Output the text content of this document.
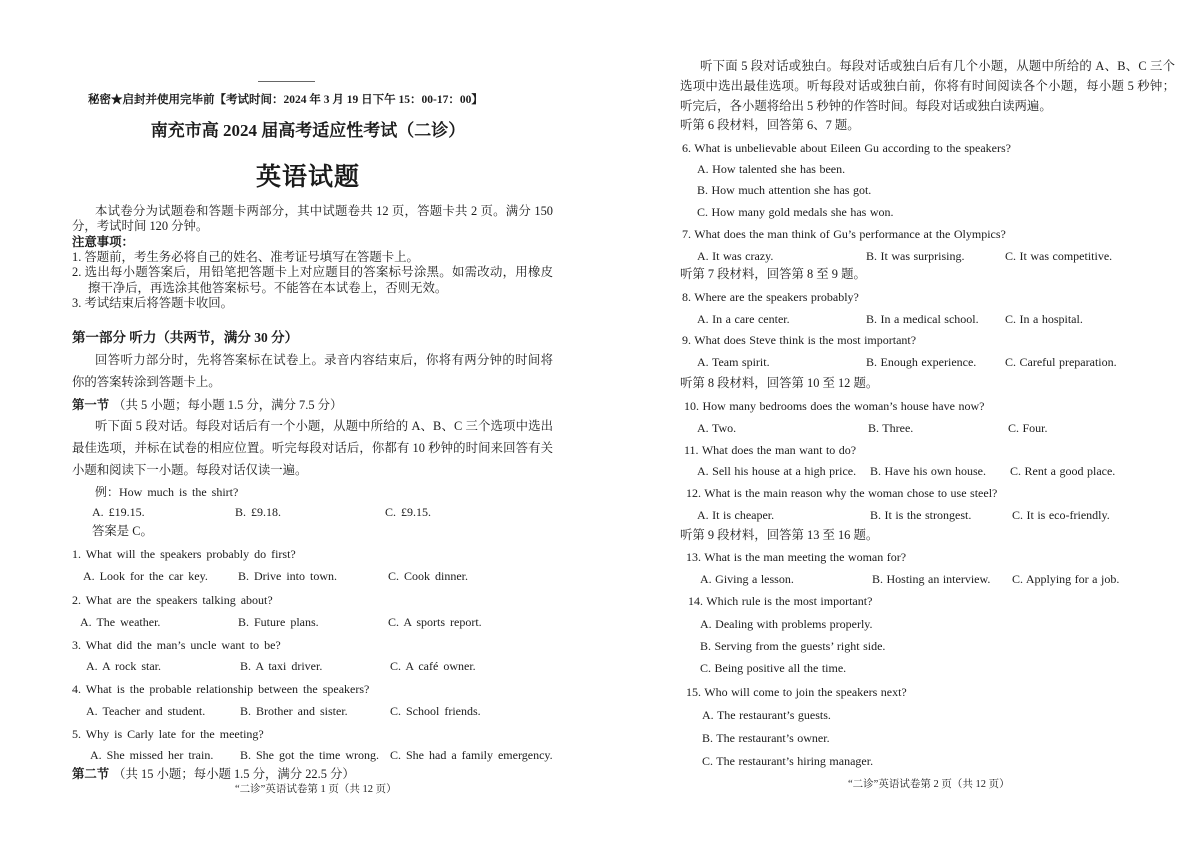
秘密★启封并使用完毕前【考试时间：2024 年 3 月 19 日下午 15：00-17：00】
南充市高 2024 届高考适应性考试（二诊）
英语试题

本试卷分为试题卷和答题卡两部分，其中试题卷共 12 页，答题卡共 2 页。满分 150 分，考试时间 120 分钟。

注意事项：

1. 答题前，考生务必将自己的姓名、准考证号填写在答题卡上。

2. 选出每小题答案后，用铅笔把答题卡上对应题目的答案标号涂黑。如需改动，用橡皮擦干净后，再选涂其他答案标号。不能答在本试卷上，否则无效。

3. 考试结束后将答题卡收回。

第一部分 听力（共两节，满分 30 分）
回答听力部分时，先将答案标在试卷上。录音内容结束后，你将有两分钟的时间将你的答案转涂到答题卡上。
第一节 （共 5 小题；每小题 1.5 分，满分 7.5 分）
听下面 5 段对话。每段对话后有一个小题，从题中所给的 A、B、C 三个选项中选出最佳选项，并标在试卷的相应位置。听完每段对话后，你都有 10 秒钟的时间来回答有关小题和阅读下一小题。每段对话仅读一遍。
例：How much is the shirt?
A. £19.15.	B. £9.18.	C. £9.15.
答案是 C。
1. What will the speakers probably do first?
A. Look for the car key.	B. Drive into town.	C. Cook dinner.
2. What are the speakers talking about?
A. The weather.	B. Future plans.	C. A sports report.
3. What did the man’s uncle want to be?
A. A rock star.	B. A taxi driver.	C. A café owner.
4. What is the probable relationship between the speakers?
A. Teacher and student.	B. Brother and sister.	C. School friends.
5. Why is Carly late for the meeting?
A. She missed her train. B. She got the time wrong. C. She had a family emergency.
第二节 （共 15 小题；每小题 1.5 分，满分 22.5 分）
“二诊”英语试卷第 1 页（共 12 页）
听下面 5 段对话或独白。每段对话或独白后有几个小题，从题中所给的 A、B、C 三个选项中选出最佳选项。听每段对话或独白前，你将有时间阅读各个小题，每小题 5 秒钟；听完后，各小题将给出 5 秒钟的作答时间。每段对话或独白读两遍。
听第 6 段材料，回答第 6、7 题。
6. What is unbelievable about Eileen Gu according to the speakers?
A. How talented she has been.
B. How much attention she has got.
C. How many gold medals she has won.
7. What does the man think of Gu’s performance at the Olympics?
A. It was crazy.	B. It was surprising.	C. It was competitive.
听第 7 段材料，回答第 8 至 9 题。
8. Where are the speakers probably?
A. In a care center.	B. In a medical school. C. In a hospital.
9. What does Steve think is the most important?
A. Team spirit.	B. Enough experience. C. Careful preparation.
听第 8 段材料，回答第 10 至 12 题。
10. How many bedrooms does the woman’s house have now?
A. Two.	B. Three.	C. Four.
11. What does the man want to do?
A. Sell his house at a high price. B. Have his own house. C. Rent a good place.
12. What is the main reason why the woman chose to use steel?
A. It is cheaper.	B. It is the strongest.	C. It is eco-friendly.
听第 9 段材料，回答第 13 至 16 题。
13. What is the man meeting the woman for?
A. Giving a lesson.	B. Hosting an interview. C. Applying for a job.
14. Which rule is the most important?
A. Dealing with problems properly.
B. Serving from the guests’ right side.
C. Being positive all the time.
15. Who will come to join the speakers next?
A. The restaurant’s guests.
B. The restaurant’s owner.
C. The restaurant’s hiring manager.
“二诊”英语试卷第 2 页（共 12 页）
